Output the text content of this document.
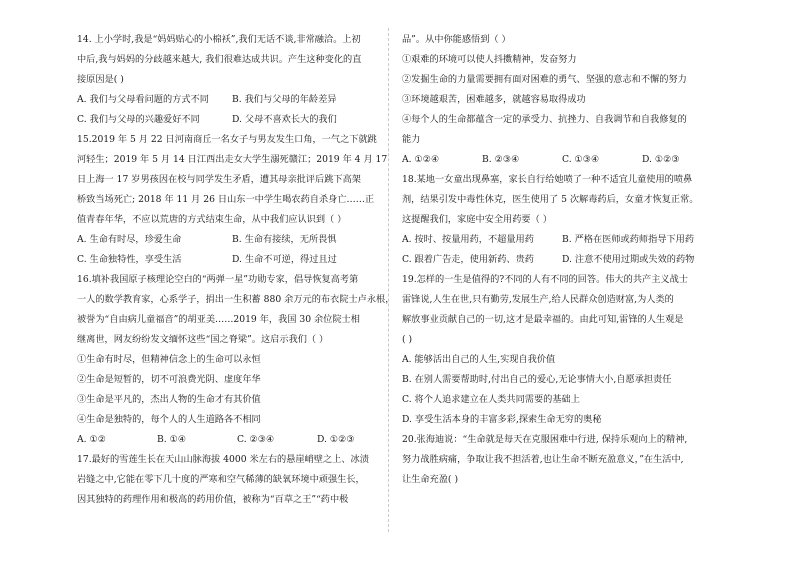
14. 上小学时,我是“妈妈贴心的小棉袄”,我们无话不谈,非常融洽。上初
中后,我与妈妈的分歧越来越大, 我们很难达成共识。产生这种变化的直
接原因是( )
A. 我们与父母看问题的方式不同	B. 我们与父母的年龄差异
C. 我们与父母的兴趣爱好不同	D. 父母不喜欢长大的我们
15.2019 年 5 月 22 日河南商丘一名女子与男友发生口角，一气之下就跳
河轻生；2019 年 5 月 14 日江西出走女大学生溺死赣江；2019 年 4 月 17
日上海一 17 岁男孩因在校与同学发生矛盾，遭其母亲批评后跳下高架
桥致当场死亡; 2018 年 11 月 26 日山东一中学生喝农药自杀身亡……正
值青春年华，不应以荒唐的方式结束生命，从中我们应认识到（ ）
A. 生命有时尽，珍爱生命	B. 生命有接续，无所畏惧
C. 生命独特性，享受生活	D. 生命不可逆，得过且过
16.填补我国原子核理论空白的“两弹一星”功勋专家，倡导恢复高考第
一人的数学教育家，心系学子，捐出一生积蓄 880 余万元的布衣院士卢永根，
被誉为“自由病儿童福音”的胡亚美……2019 年，我国 30 余位院士相
继离世，网友纷纷发文缅怀这些“国之脊梁”。这启示我们（ ）
①生命有时尽，但精神信念上的生命可以永恒
②生命是短暂的，切不可浪费光阴、虚度年华
③生命是平凡的，杰出人物的生命才有其价值
④生命是独特的，每个人的人生道路各不相同
A. ①②	B. ①④	C. ②③④	D. ①②③
17.最好的雪莲生长在天山山脉海拔 4000 米左右的悬崖峭壁之上、冰渍
岩缝之中,它能在零下几十度的严寒和空气稀薄的缺氧环境中顽强生长，
因其独特的药理作用和极高的药用价值，被称为“百草之王”“药中极
品”。从中你能感悟到（ ）
①艰难的环境可以使人抖擞精神，发奋努力
②发掘生命的力量需要拥有面对困难的勇气、坚强的意志和不懈的努力
③环境越艰苦，困难越多，就越容易取得成功
④每个人的生命都蕴含一定的承受力、抗挫力、自我调节和自我修复的
能力
A. ①②④	B. ②③④	C. ①③④	D. ①②③
18.某地一女童出现鼻塞，家长自行给她喷了一种不适宜儿童使用的喷鼻
剂，结果引发中毒性休克，医生使用了 5 次解毒药后，女童才恢复正常。
这提醒我们，家庭中安全用药要（ ）
A. 按时、按量用药，不超量用药	B. 严格在医师或药师指导下用药
C. 跟着广告走，使用新药、贵药	D. 注意不使用过期或失效的药物
19.怎样的一生是值得的?不同的人有不同的回答。伟大的共产主义战士
雷锋说,人生在世,只有勤劳,发展生产,给人民群众创造财富,为人类的
解放事业贡献自己的一切,这才是最幸福的。由此可知,雷锋的人生观是
( )
A. 能够活出自己的人生,实现自我价值
B. 在别人需要帮助时,付出自己的爱心,无论事情大小,自愿承担责任
C. 将个人追求建立在人类共同需要的基础上
D. 享受生活本身的丰富多彩,探索生命无穷的奥秘
20.张海迪说：“生命就是每天在克服困难中行进, 保持乐观向上的精神,
努力战胜病痛，争取让我不担活着,也让生命不断充盈意义，”在生活中,
让生命充盈( )
